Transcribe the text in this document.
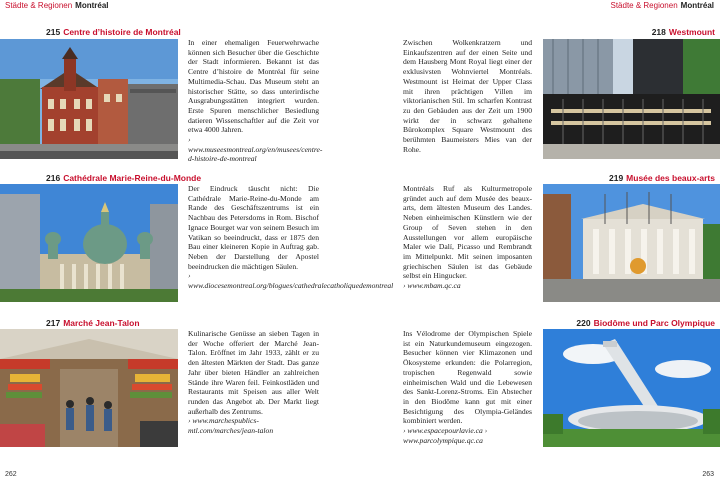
Städte & Regionen Montréal
215 Centre d’histoire de Montréal

In einer ehemaligen Feuerwehrwache können sich Besucher über die Geschichte der Stadt informieren. Bekannt ist das Centre d’histoire de Montréal für seine Multimedia-Schau. Das Museum steht an historischer Stätte, so dass unterirdische Ausgrabungsstätten integriert wurden. Erste Spuren menschlicher Besiedlung datieren Wissenschaftler auf die Zeit vor etwa 4000 Jahren.

› www.museesmontreal.org/en/musees/centre-d-histoire-de-montreal
216 Cathédrale Marie-Reine-du-Monde

Der Eindruck täuscht nicht: Die Cathédrale Marie-Reine-du-Monde am Rande des Geschäftszentrums ist ein Nachbau des Petersdoms in Rom. Bischof Ignace Bourget war von seinem Besuch im Vatikan so beeindruckt, dass er 1875 den Bau einer kleineren Kopie in Auftrag gab. Neben der Darstellung der Apostel beeindrucken die mächtigen Säulen.

› www.diocesemontreal.org/blogues/cathedralecatholiquedemontreal
217 Marché Jean-Talon

Kulinarische Genüsse an sieben Tagen in der Woche offeriert der Marché Jean-Talon. Eröffnet im Jahr 1933, zählt er zu den ältesten Märkten der Stadt. Das ganze Jahr über bieten Händler an zahlreichen Stände ihre Waren feil. Feinkostläden und Restaurants mit Speisen aus aller Welt runden das Angebot ab. Der Markt liegt außerhalb des Zentrums.

› www.marchespublics-mtl.com/marches/jean-talon
262
Städte & Regionen Montréal

Zwischen Wolkenkratzern und Einkaufszentren auf der einen Seite und dem Hausberg Mont Royal liegt einer der exklusivsten Wohnviertel Montréals. Westmount ist Heimat der Upper Class mit ihren prächtigen Villen im viktorianischen Stil. Im scharfen Kontrast zu den Gebäuden aus der Zeit um 1900 wirkt der in schwarz gehaltene Bürokomplex Square Westmount des berühmten Baumeisters Mies van der Rohe.

218 Westmount

Montréals Ruf als Kulturmetropole gründet auch auf dem Musée des beaux-arts, dem ältesten Museum des Landes. Neben einheimischen Künstlern wie der Group of Seven stehen in den Ausstellungen vor allem europäische Maler wie Dalí, Picasso und Rembrandt im Mittelpunkt. Mit seinen imposanten griechischen Säulen ist das Gebäude selbst ein Hingucker.

› www.mbam.qc.ca
219 Musée des beaux-arts

Ins Vélodrome der Olympischen Spiele ist ein Naturkundemuseum eingezogen. Besucher können vier Klimazonen und Ökosysteme erkunden: die Polarregion, tropischen Regenwald sowie einheimischen Wald und die Lebewesen des Sankt-Lorenz-Stroms. Ein Abstecher in den Biodôme kann gut mit einer Besichtigung des Olympia-Geländes kombiniert werden.

› www.espacepourlavie.ca › www.parcolympique.qc.ca
220 Biodôme und Parc Olympique
263
